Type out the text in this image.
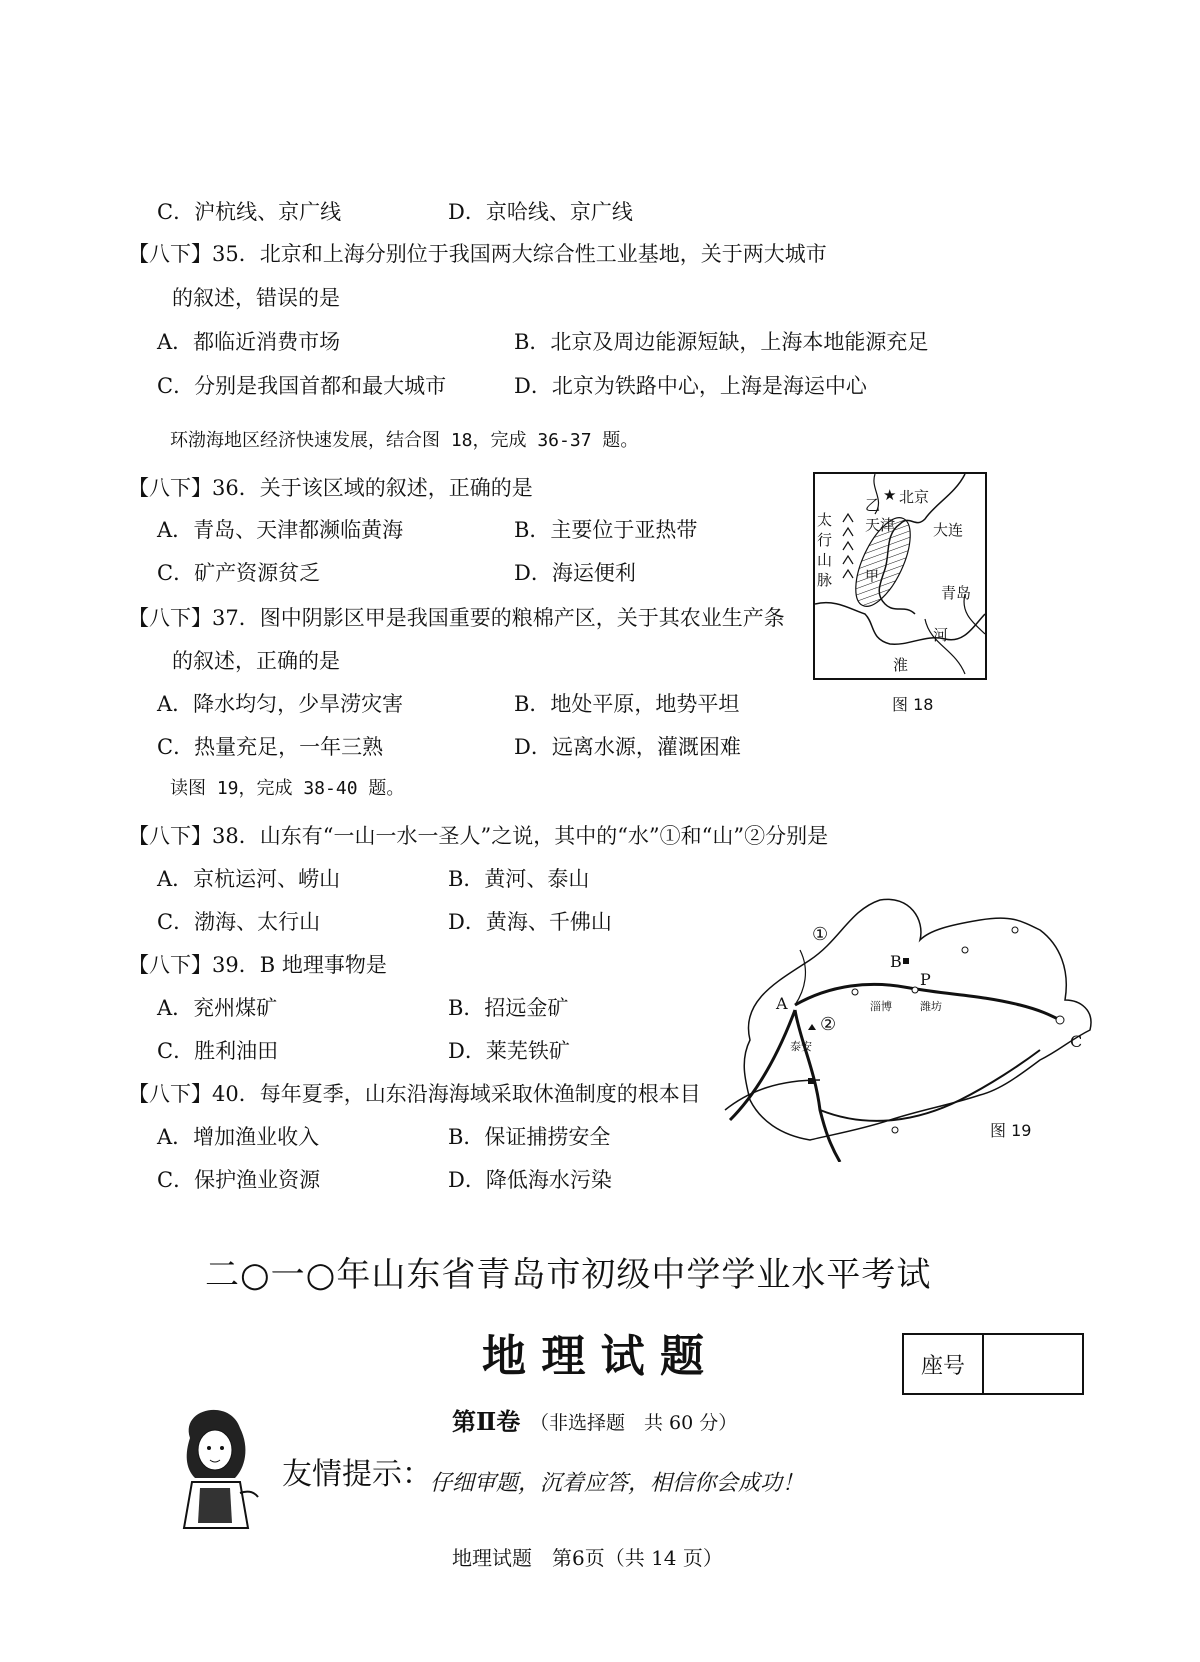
C．沪杭线、京广线	D．京哈线、京广线
【八下】35．北京和上海分别位于我国两大综合性工业基地，关于两大城市
的叙述，错误的是
A．都临近消费市场	B．北京及周边能源短缺，上海本地能源充足
C．分别是我国首都和最大城市	D．北京为铁路中心，上海是海运中心
环渤海地区经济快速发展，结合图 18，完成 36-37 题。
【八下】36．关于该区域的叙述，正确的是
A．青岛、天津都濒临黄海	B．主要位于亚热带
C．矿产资源贫乏	D．海运便利
【八下】37．图中阴影区甲是我国重要的粮棉产区，关于其农业生产条
的叙述，正确的是
A．降水均匀，少旱涝灾害	B．地处平原，地势平坦
C．热量充足，一年三熟	D．远离水源，灌溉困难
★ 北京
乙
天津	大连
太行山脉 甲
青岛
河
淮
图 18
读图 19，完成 38-40 题。
【八下】38．山东有“一山一水一圣人”之说，其中的“水”①和“山”②分别是
A．京杭运河、崂山	B．黄河、泰山
C．渤海、太行山	D．黄海、千佛山
【八下】39．B 地理事物是
A．兖州煤矿	B．招远金矿
C．胜利油田	D．莱芜铁矿
【八下】40．每年夏季，山东沿海海域采取休渔制度的根本目
A．增加渔业收入	B．保证捕捞安全
C．保护渔业资源	D．降低海水污染
①
②
A
B
P
C
淄博	潍坊
泰安
图 19
二○一○年山东省青岛市初级中学学业水平考试
地 理 试 题	座号
第Ⅱ卷 （非选择题　共 60 分）
友情提示：
仔细审题，沉着应答，相信你会成功！
地理试题　第6页（共 14 页）
